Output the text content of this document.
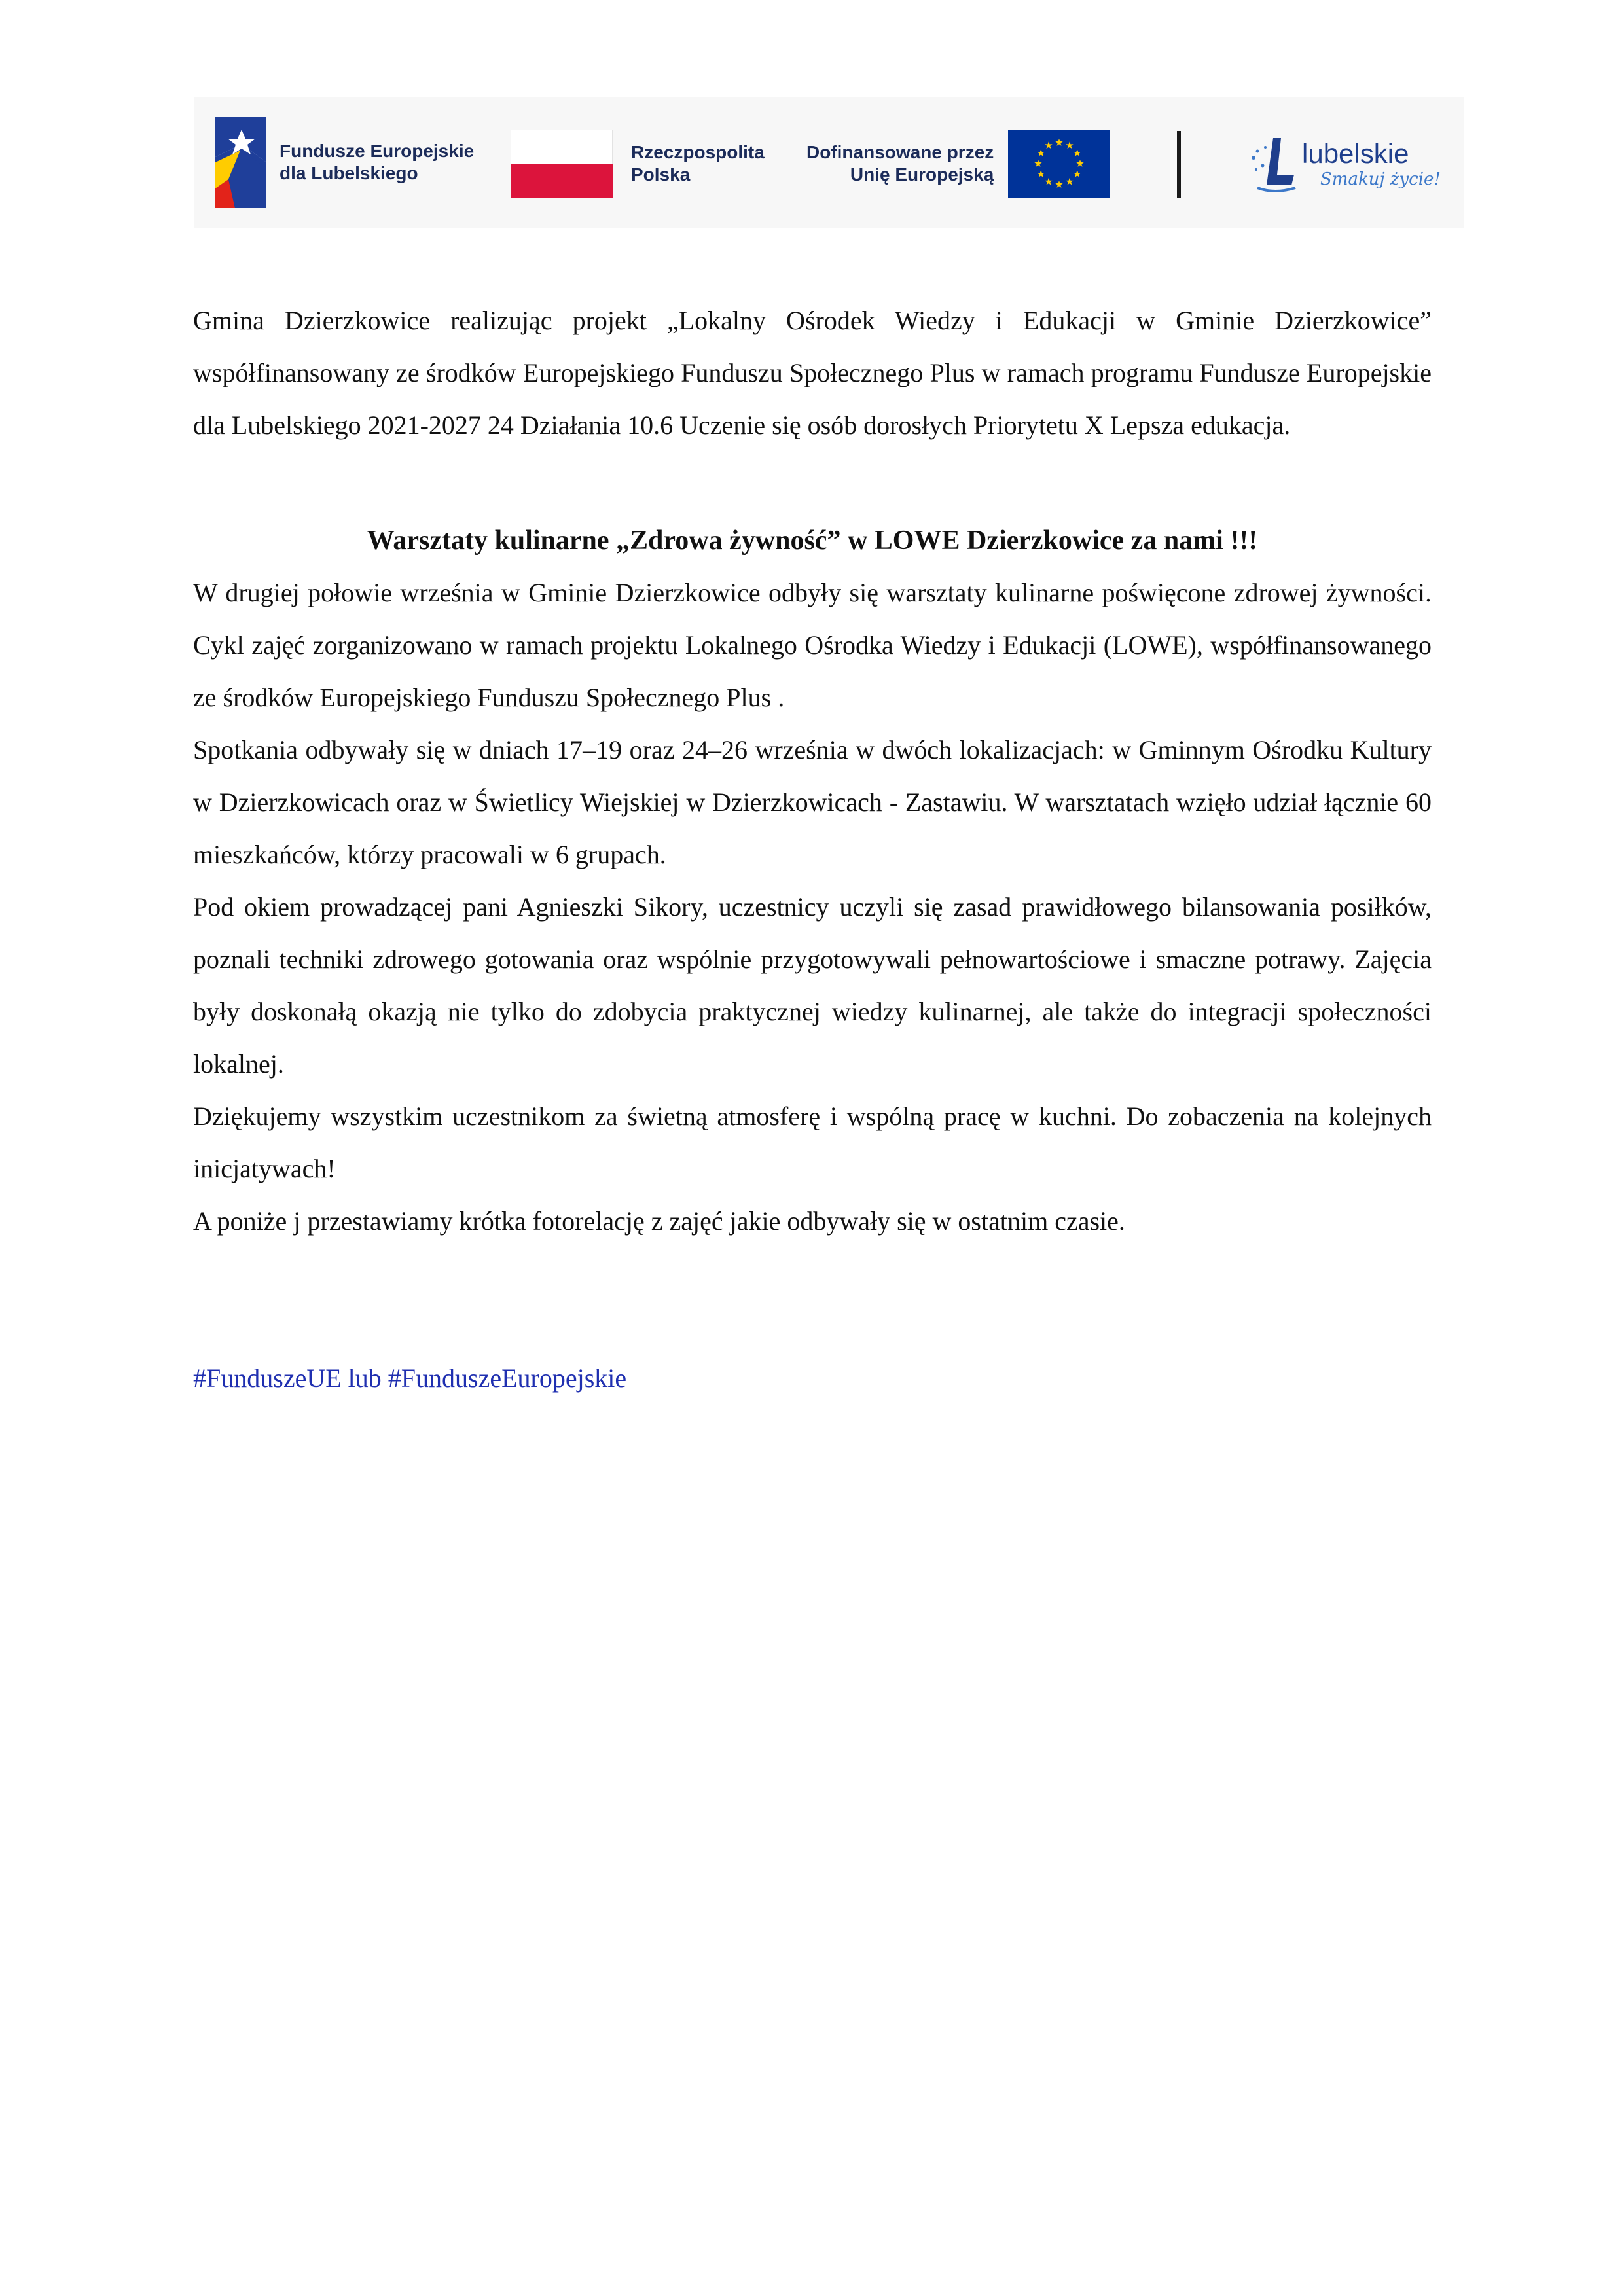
Fundusze Europejskie
dla Lubelskiego
Rzeczpospolita
Polska
Dofinansowane przez
Unię Europejską
lubelskie
Smakuj życie!

Gmina Dzierzkowice realizując projekt „Lokalny Ośrodek Wiedzy i Edukacji w Gminie Dzierzkowice” współfinansowany ze środków Europejskiego Funduszu Społecznego Plus w ramach programu Fundusze Europejskie dla Lubelskiego 2021-2027 24 Działania 10.6 Uczenie się osób dorosłych Priorytetu X Lepsza edukacja.

Warsztaty kulinarne „Zdrowa żywność” w LOWE Dzierzkowice za nami !!!

W drugiej połowie września w Gminie Dzierzkowice odbyły się warsztaty kulinarne poświęcone zdrowej żywności. Cykl zajęć zorganizowano w ramach projektu Lokalnego Ośrodka Wiedzy i Edukacji (LOWE), współfinansowanego ze środków Europejskiego Funduszu Społecznego Plus .

Spotkania odbywały się w dniach 17–19 oraz 24–26 września w dwóch lokalizacjach: w Gminnym Ośrodku Kultury w Dzierzkowicach oraz w Świetlicy Wiejskiej w Dzierzkowicach - Zastawiu. W warsztatach wzięło udział łącznie 60 mieszkańców, którzy pracowali w 6 grupach.

Pod okiem prowadzącej pani Agnieszki Sikory, uczestnicy uczyli się zasad prawidłowego bilansowania posiłków, poznali techniki zdrowego gotowania oraz wspólnie przygotowywali pełnowartościowe i smaczne potrawy. Zajęcia były doskonałą okazją nie tylko do zdobycia praktycznej wiedzy kulinarnej, ale także do integracji społeczności lokalnej.

Dziękujemy wszystkim uczestnikom za świetną atmosferę i wspólną pracę w kuchni. Do zobaczenia na kolejnych inicjatywach!

A poniże j przestawiamy krótka fotorelację z zajęć jakie odbywały się w ostatnim czasie.

#FunduszeUE lub #FunduszeEuropejskie
